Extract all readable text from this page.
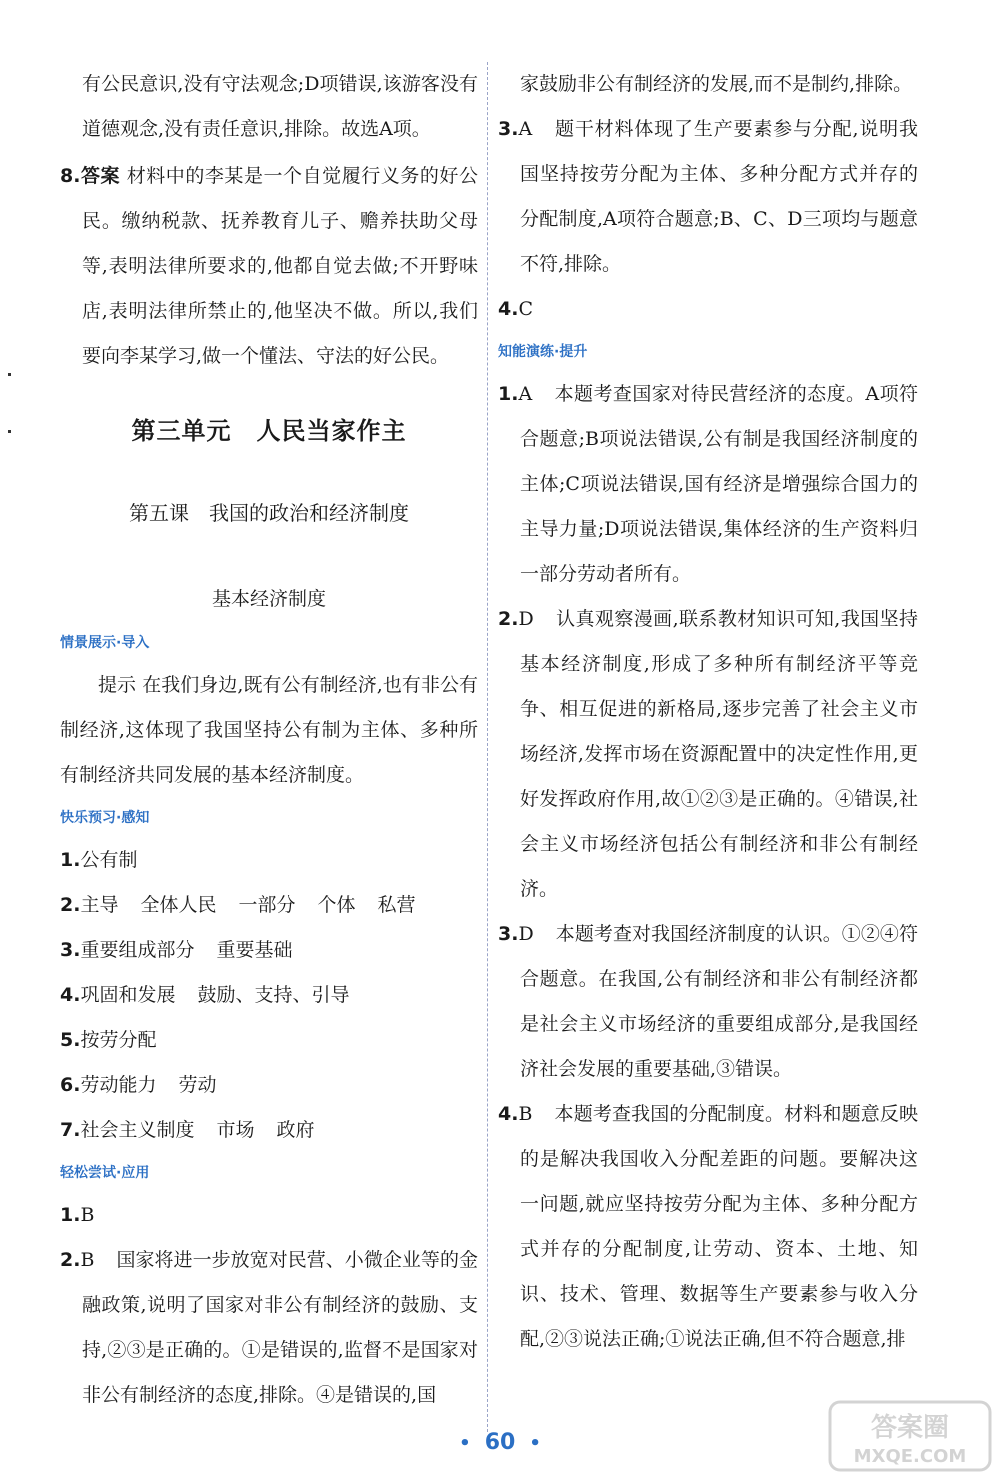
有公民意识,没有守法观念;D项错误,该游客没有道德观念,没有责任意识,排除。故选A项。

8.答案 材料中的李某是一个自觉履行义务的好公民。缴纳税款、抚养教育儿子、赡养扶助父母等,表明法律所要求的,他都自觉去做;不开野味店,表明法律所禁止的,他坚决不做。所以,我们要向李某学习,做一个懂法、守法的好公民。

第三单元　人民当家作主
第五课　我国的政治和经济制度
基本经济制度
情景展示·导入

提示 在我们身边,既有公有制经济,也有非公有制经济,这体现了我国坚持公有制为主体、多种所有制经济共同发展的基本经济制度。

快乐预习·感知

1.公有制

2.主导 全体人民 一部分 个体 私营

3.重要组成部分 重要基础

4.巩固和发展 鼓励、支持、引导

5.按劳分配

6.劳动能力 劳动

7.社会主义制度 市场 政府

轻松尝试·应用

1.B

2.B 国家将进一步放宽对民营、小微企业等的金融政策,说明了国家对非公有制经济的鼓励、支持,②③是正确的。①是错误的,监督不是国家对非公有制经济的态度,排除。④是错误的,国

家鼓励非公有制经济的发展,而不是制约,排除。

3.A 题干材料体现了生产要素参与分配,说明我国坚持按劳分配为主体、多种分配方式并存的分配制度,A项符合题意;B、C、D三项均与题意不符,排除。

4.C

知能演练·提升

1.A 本题考查国家对待民营经济的态度。A项符合题意;B项说法错误,公有制是我国经济制度的主体;C项说法错误,国有经济是增强综合国力的主导力量;D项说法错误,集体经济的生产资料归一部分劳动者所有。

2.D 认真观察漫画,联系教材知识可知,我国坚持基本经济制度,形成了多种所有制经济平等竞争、相互促进的新格局,逐步完善了社会主义市场经济,发挥市场在资源配置中的决定性作用,更好发挥政府作用,故①②③是正确的。④错误,社会主义市场经济包括公有制经济和非公有制经济。

3.D 本题考查对我国经济制度的认识。①②④符合题意。在我国,公有制经济和非公有制经济都是社会主义市场经济的重要组成部分,是我国经济社会发展的重要基础,③错误。

4.B 本题考查我国的分配制度。材料和题意反映的是解决我国收入分配差距的问题。要解决这一问题,就应坚持按劳分配为主体、多种分配方式并存的分配制度,让劳动、资本、土地、知识、技术、管理、数据等生产要素参与收入分配,②③说法正确;①说法正确,但不符合题意,排

• 60 •
答案圈
MXQE.COM
